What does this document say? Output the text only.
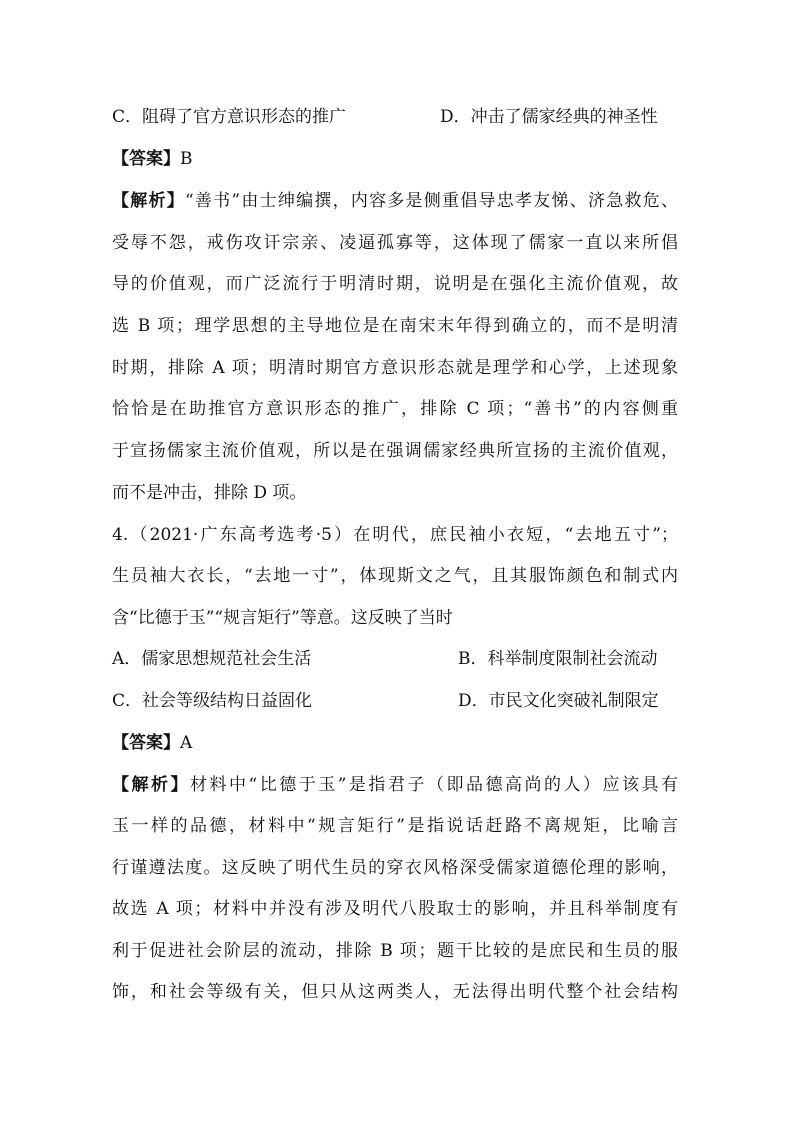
C．阻碍了官方意识形态的推广	D．冲击了儒家经典的神圣性
【答案】B
【解析】“善书”由士绅编撰，内容多是侧重倡导忠孝友悌、济急救危、
受辱不怨，戒伤攻讦宗亲、凌逼孤寡等，这体现了儒家一直以来所倡
导的价值观，而广泛流行于明清时期，说明是在强化主流价值观，故
选 B 项；理学思想的主导地位是在南宋末年得到确立的，而不是明清
时期，排除 A 项；明清时期官方意识形态就是理学和心学，上述现象
恰恰是在助推官方意识形态的推广，排除 C 项；“善书”的内容侧重
于宣扬儒家主流价值观，所以是在强调儒家经典所宣扬的主流价值观，
而不是冲击，排除 D 项。
4.（2021·广东高考选考·5）在明代，庶民袖小衣短，“去地五寸”；
生员袖大衣长，“去地一寸”，体现斯文之气，且其服饰颜色和制式内
含“比德于玉”“规言矩行”等意。这反映了当时
A．儒家思想规范社会生活	B．科举制度限制社会流动
C．社会等级结构日益固化	D．市民文化突破礼制限定
【答案】A
【解析】材料中“比德于玉”是指君子（即品德高尚的人）应该具有
玉一样的品德，材料中“规言矩行”是指说话赶路不离规矩，比喻言
行谨遵法度。这反映了明代生员的穿衣风格深受儒家道德伦理的影响，
故选 A 项；材料中并没有涉及明代八股取士的影响，并且科举制度有
利于促进社会阶层的流动，排除 B 项；题干比较的是庶民和生员的服
饰，和社会等级有关，但只从这两类人，无法得出明代整个社会结构
